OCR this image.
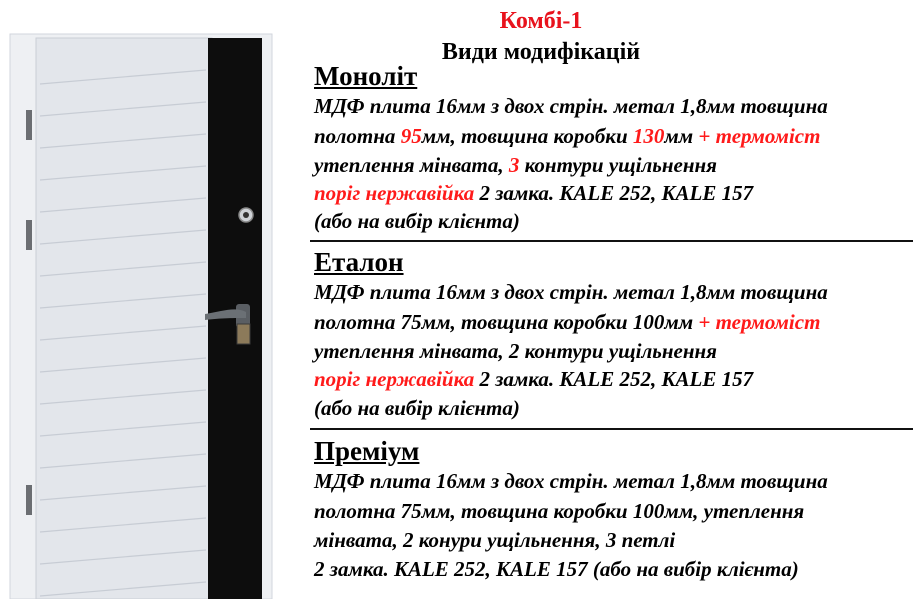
Комбі-1
Види модифікацій
Моноліт
МДФ плита 16мм з двох стрін. метал 1,8мм товщина
полотна 95мм, товщина коробки 130мм + термоміст
утеплення мінвата, 3 контури ущільнення
поріг нержавійка 2 замка. KALE 252, KALE 157
(або на вибір клієнта)
Еталон
МДФ плита 16мм з двох стрін. метал 1,8мм товщина
полотна 75мм, товщина коробки 100мм + термоміст
утеплення мінвата, 2 контури ущільнення
поріг нержавійка 2 замка. KALE 252, KALE 157
(або на вибір клієнта)
Преміум
МДФ плита 16мм з двох стрін. метал 1,8мм товщина
полотна 75мм, товщина коробки 100мм, утеплення
мінвата, 2 конури ущільнення, 3 петлі
2 замка. KALE 252, KALE 157 (або на вибір клієнта)
